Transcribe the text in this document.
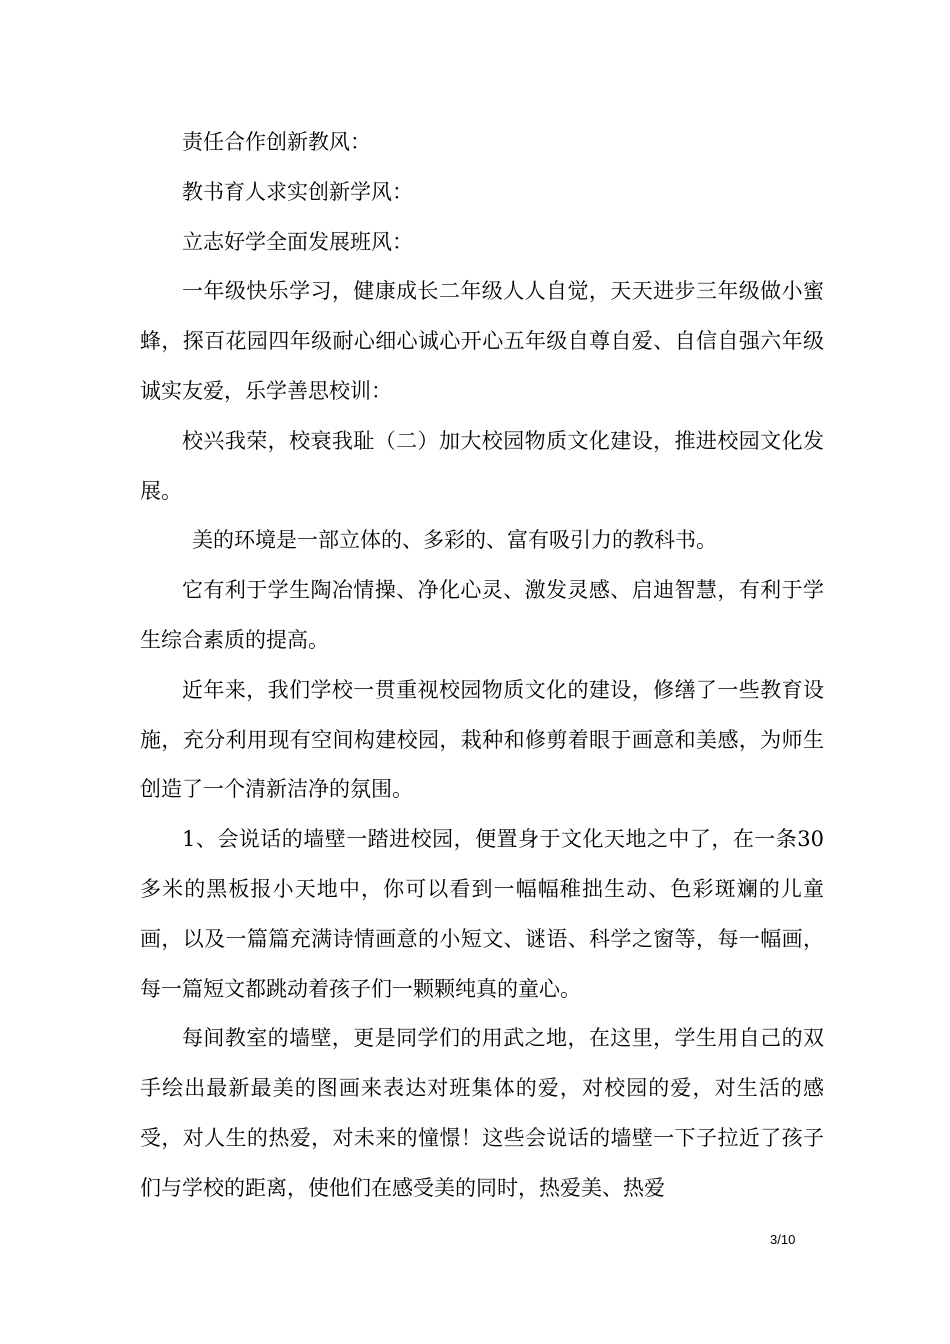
责任合作创新教风：

教书育人求实创新学风：

立志好学全面发展班风：

一年级快乐学习，健康成长二年级人人自觉，天天进步三年级做小蜜蜂，探百花园四年级耐心细心诚心开心五年级自尊自爱、自信自强六年级诚实友爱，乐学善思校训：

校兴我荣，校衰我耻（二）加大校园物质文化建设，推进校园文化发展。

美的环境是一部立体的、多彩的、富有吸引力的教科书。

它有利于学生陶冶情操、净化心灵、激发灵感、启迪智慧，有利于学生综合素质的提高。

近年来，我们学校一贯重视校园物质文化的建设，修缮了一些教育设施，充分利用现有空间构建校园，栽种和修剪着眼于画意和美感，为师生创造了一个清新洁净的氛围。

1、会说话的墙壁一踏进校园，便置身于文化天地之中了，在一条30多米的黑板报小天地中，你可以看到一幅幅稚拙生动、色彩斑斓的儿童画，以及一篇篇充满诗情画意的小短文、谜语、科学之窗等，每一幅画，每一篇短文都跳动着孩子们一颗颗纯真的童心。

每间教室的墙壁，更是同学们的用武之地，在这里，学生用自己的双手绘出最新最美的图画来表达对班集体的爱，对校园的爱，对生活的感受，对人生的热爱，对未来的憧憬！这些会说话的墙壁一下子拉近了孩子们与学校的距离，使他们在感受美的同时，热爱美、热爱

3/10
